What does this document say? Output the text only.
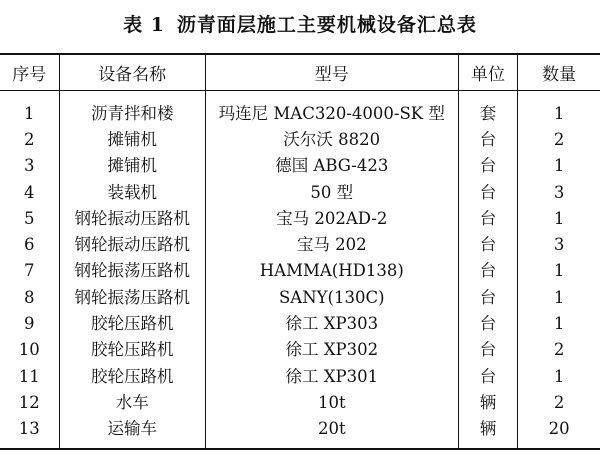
表 1 沥青面层施工主要机械设备汇总表
序号	设备名称	型号	单位	数量
1	沥青拌和楼	玛连尼 MAC320-4000-SK 型	套	1
2	摊铺机	沃尔沃 8820	台	2
3	摊铺机	德国 ABG-423	台	1
4	装载机	50 型	台	3
5	钢轮振动压路机	宝马 202AD-2	台	1
6	钢轮振动压路机	宝马 202	台	3
7	钢轮振荡压路机	HAMMA(HD138)	台	1
8	钢轮振荡压路机	SANY(130C)	台	1
9	胶轮压路机	徐工 XP303	台	1
10	胶轮压路机	徐工 XP302	台	2
11	胶轮压路机	徐工 XP301	台	1
12	水车	10t	辆	2
13	运输车	20t	辆	20
